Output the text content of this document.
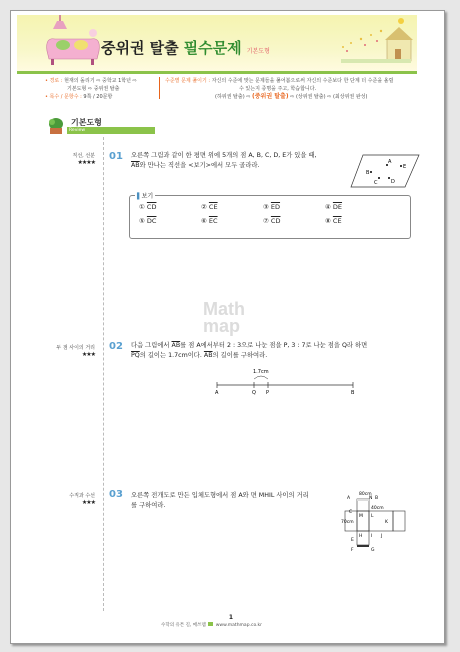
중위권 탈출 필수문제 기본도형
• 경로 : 현재의 돌리기 ⇨ 중학교 1학년 ⇨
기본도형 ⇨ 중위권 탈출
• 목수 / 문항수 : 9쪽 / 20문항
수준별 문제 풀이기 : 자신의 수준에 맞는 문제들을 풀어봄으로써 자신의 수준보다 한 단계 더 수준을 올릴
수 있는지 증명을 주고, 학습합니다.
(하위권 탈출) ⇨ (중위권 탈출) ⇨ (상위권 탈출) ⇨ (최상위권 완성)
기본도형
Review
Math
map
직선, 선분
★★★★
01 오른쪽 그림과 같이 한 평면 위에 5개의 점 A, B, C, D, E가 있을 때,
$\overline{AB}$와 만나는 직선을 <보기>에서 모두 골라라.	A
B
C	D
E
▌보기
① $\overline{CD}$	② $\overline{CE}$	③ $\overline{ED}$	④ $\overline{DE}$
⑤ $\overline{DC}$	⑥ $\overline{EC}$	⑦ $\overline{CD}$	⑧ $\overline{CE}$
두 점 사이의 거리
★★★
02 다음 그림에서 $\overline{AB}$를 점 A에서부터 2 : 3으로 나눈 점을 P, 3 : 7로 나눈 점을 Q라 하면
$\overline{PQ}$의 길이는 1.7cm이다. $\overline{AB}$의 길이를 구하여라.
1.7cm
A	Q P	B
수직과 수선
★★★
03 오른쪽 전개도로 만든 입체도형에서 점 A와 면 MHIL 사이의 거리
를 구하여라.
A
80cm
N B
40cm
C
M L
K
70cm
H I J
E
F	G
1
수학의 유튼 길, 매쓰맵 www.mathmap.co.kr
